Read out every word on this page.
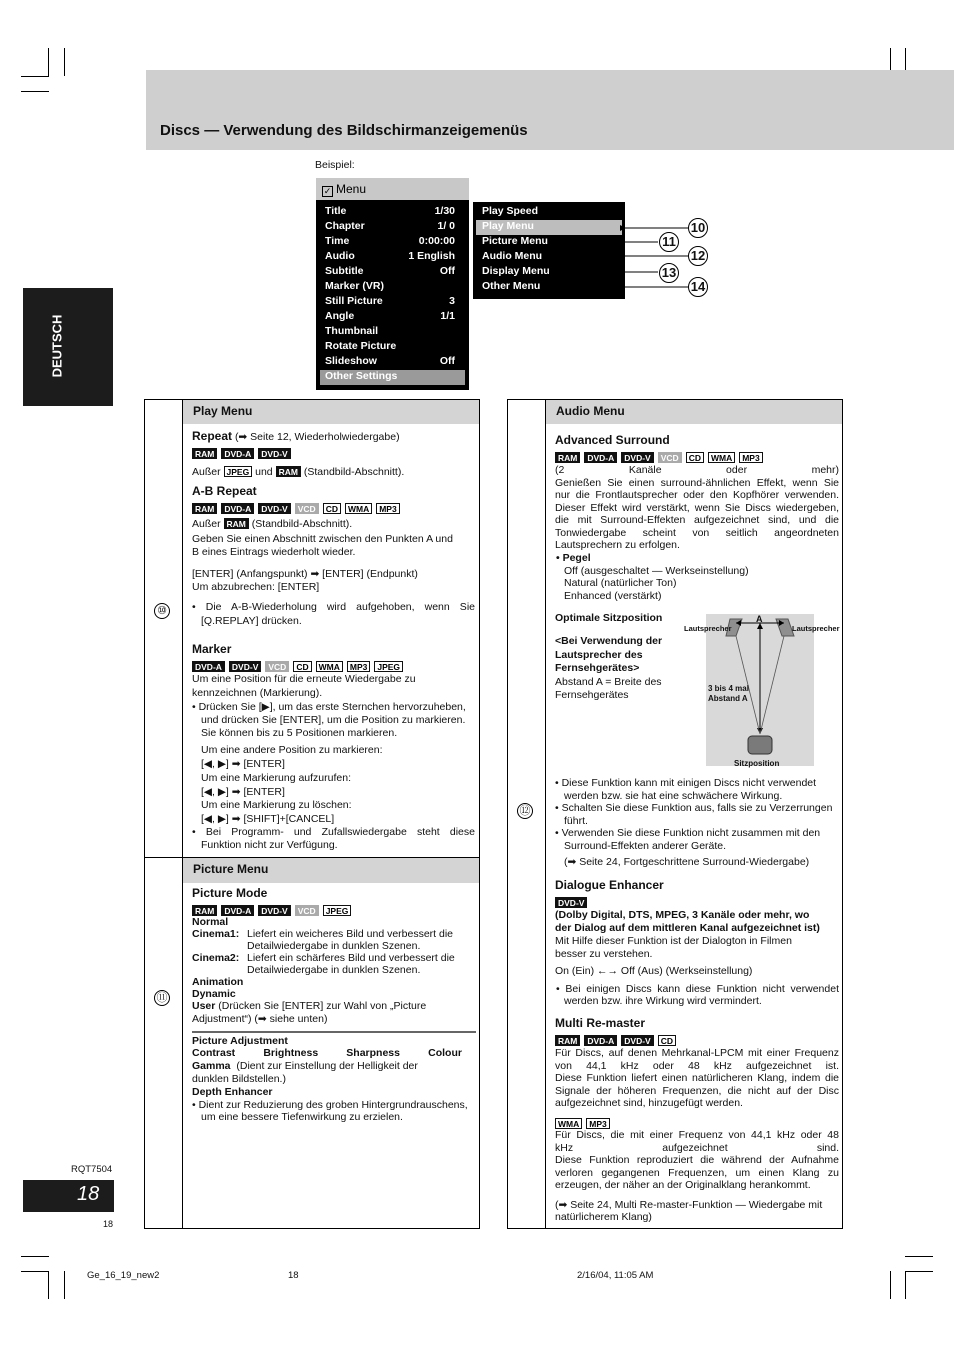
Discs — Verwendung des Bildschirmanzeigemenüs
DEUTSCH
Beispiel:
✓ Menu
Title	1/30
Chapter	1/ 0
Time	0:00:00
Audio	1 English
Subtitle	Off
Marker (VR)
Still Picture	3
Angle	1/1
Thumbnail
Rotate Picture
Slideshow	Off
Other Settings
Play Speed
Play Menu
Picture Menu
Audio Menu
Display Menu
Other Menu
10
11
12
13
14
Play Menu
⑩
Repeat (➡ Seite 12, Wiederholwiedergabe)
RAM	DVD-A	DVD-V
Außer JPEG und RAM (Standbild-Abschnitt).
A-B Repeat
RAM	DVD-A	DVD-V	VCD	CD	WMA	MP3
Außer RAM (Standbild-Abschnitt).
Geben Sie einen Abschnitt zwischen den Punkten A und
B eines Eintrags wiederholt wieder.
[ENTER] (Anfangspunkt) ➡ [ENTER] (Endpunkt)
Um abzubrechen: [ENTER]
• Die A-B-Wiederholung wird aufgehoben, wenn Sie
[Q.REPLAY] drücken.
Marker
DVD-A	DVD-V	VCD	CD	WMA	MP3	JPEG
Um eine Position für die erneute Wiedergabe zu
kennzeichnen (Markierung).
• Drücken Sie [▶], um das erste Sternchen hervorzuheben,
und drücken Sie [ENTER], um die Position zu markieren.
Sie können bis zu 5 Positionen markieren.
Um eine andere Position zu markieren:
[◀, ▶] ➡ [ENTER]
Um eine Markierung aufzurufen:
[◀, ▶] ➡ [ENTER]
Um eine Markierung zu löschen:
[◀, ▶] ➡ [SHIFT]+[CANCEL]
• Bei Programm- und Zufallswiedergabe steht diese
Funktion nicht zur Verfügung.
Picture Menu
⑪
Picture Mode
RAM	DVD-A	DVD-V	VCD	JPEG
Normal
Cinema1: Liefert ein weicheres Bild und verbessert die
Detailwiedergabe in dunklen Szenen.
Cinema2: Liefert ein schärferes Bild und verbessert die
Detailwiedergabe in dunklen Szenen.
Animation
Dynamic
User (Drücken Sie [ENTER] zur Wahl von „Picture
Adjustment“) (➡ siehe unten)
Picture Adjustment
Contrast	Brightness	Sharpness	Colour
Gamma (Dient zur Einstellung der Helligkeit der
dunklen Bildstellen.)
Depth Enhancer
• Dient zur Reduzierung des groben Hintergrundrauschens,
um eine bessere Tiefenwirkung zu erzielen.
Audio Menu
⑫
Advanced Surround
RAM	DVD-A	DVD-V	VCD	CD	WMA	MP3
(2 Kanäle oder mehr)
Genießen Sie einen surround-ähnlichen Effekt, wenn Sie
nur die Frontlautsprecher oder den Kopfhörer verwenden.
Dieser Effekt wird verstärkt, wenn Sie Discs wiedergeben,
die mit Surround-Effekten aufgezeichnet sind, und die
Tonwiedergabe scheint von seitlich angeordneten
Lautsprechern zu erfolgen.
• Pegel
Off (ausgeschaltet — Werkseinstellung)
Natural (natürlicher Ton)
Enhanced (verstärkt)
Optimale Sitzposition
<Bei Verwendung der
Lautsprecher des
Fernsehgerätes>
Abstand A = Breite des
Fernsehgerätes
A
Lautsprecher	Lautsprecher
3 bis 4 mal
Abstand A
Sitzposition
• Diese Funktion kann mit einigen Discs nicht verwendet
werden bzw. sie hat eine schwächere Wirkung.
• Schalten Sie diese Funktion aus, falls sie zu Verzerrungen
führt.
• Verwenden Sie diese Funktion nicht zusammen mit den
Surround-Effekten anderer Geräte.
(➡ Seite 24, Fortgeschrittene Surround-Wiedergabe)
Dialogue Enhancer
DVD-V
(Dolby Digital, DTS, MPEG, 3 Kanäle oder mehr, wo
der Dialog auf dem mittleren Kanal aufgezeichnet ist)
Mit Hilfe dieser Funktion ist der Dialogton in Filmen
besser zu verstehen.
On (Ein) ←→ Off (Aus) (Werkseinstellung)
• Bei einigen Discs kann diese Funktion nicht verwendet
werden bzw. ihre Wirkung wird vermindert.
Multi Re-master
RAM	DVD-A	DVD-V	CD
Für Discs, auf denen Mehrkanal-LPCM mit einer Frequenz
von 44,1 kHz oder 48 kHz aufgezeichnet ist.
Diese Funktion liefert einen natürlicheren Klang, indem die
Signale der höheren Frequenzen, die nicht auf der Disc
aufgezeichnet sind, hinzugefügt werden.
WMA	MP3
Für Discs, die mit einer Frequenz von 44,1 kHz oder 48
kHz aufgezeichnet sind.
Diese Funktion reproduziert die während der Aufnahme
verloren gegangenen Frequenzen, um einen Klang zu
erzeugen, der näher an der Originalklang herankommt.
(➡ Seite 24, Multi Re-master-Funktion — Wiedergabe mit
natürlicherem Klang)
RQT7504
18
18
Ge_16_19_new2	18	2/16/04, 11:05 AM
